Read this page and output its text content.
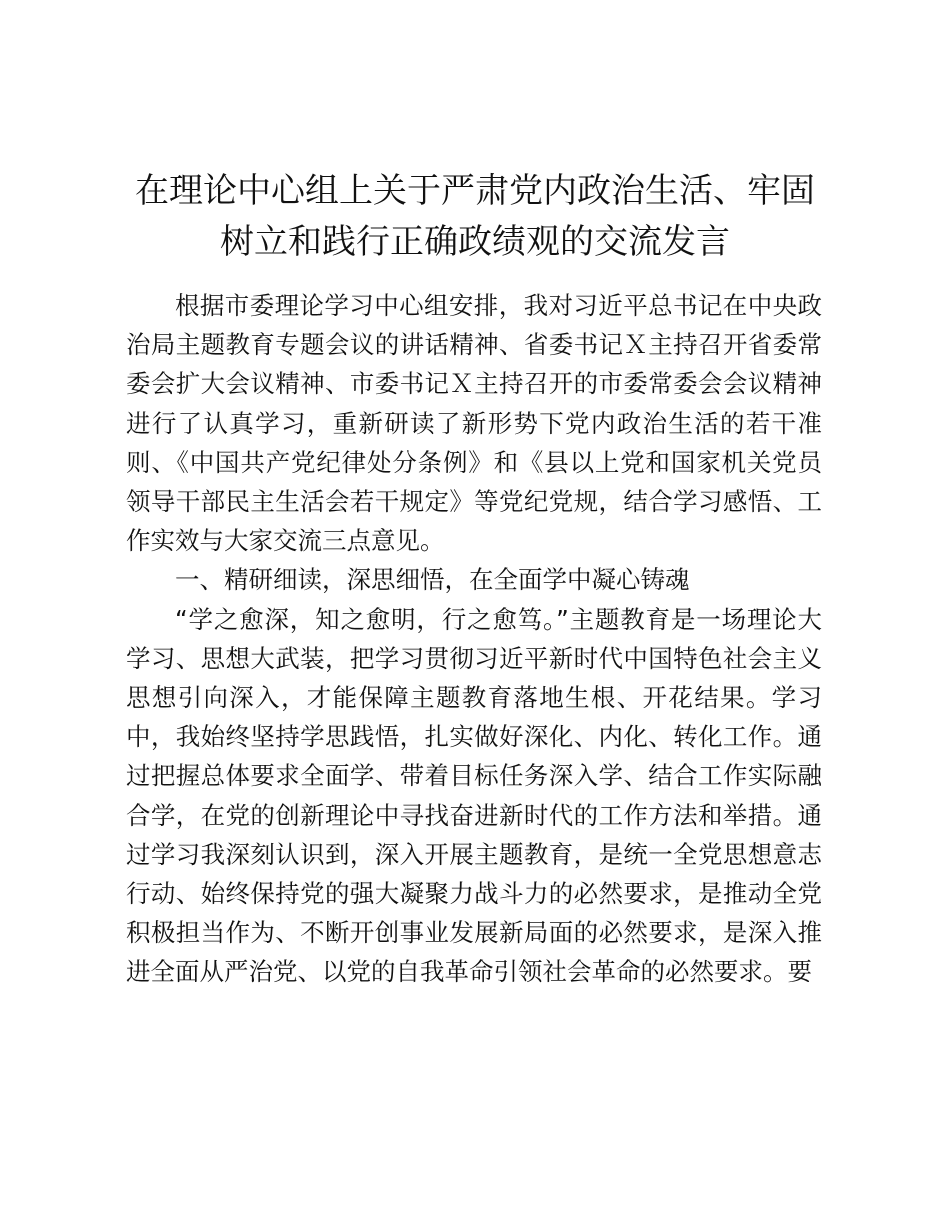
在理论中心组上关于严肃党内政治生活、牢固
树立和践行正确政绩观的交流发言

根据市委理论学习中心组安排，我对习近平总书记在中央政治局主题教育专题会议的讲话精神、省委书记Ｘ主持召开省委常委会扩大会议精神、市委书记Ｘ主持召开的市委常委会会议精神进行了认真学习，重新研读了新形势下党内政治生活的若干准则、《中国共产党纪律处分条例》和《县以上党和国家机关党员领导干部民主生活会若干规定》等党纪党规，结合学习感悟、工作实效与大家交流三点意见。

一、精研细读，深思细悟，在全面学中凝心铸魂

“学之愈深，知之愈明，行之愈笃。”主题教育是一场理论大学习、思想大武装，把学习贯彻习近平新时代中国特色社会主义思想引向深入，才能保障主题教育落地生根、开花结果。学习中，我始终坚持学思践悟，扎实做好深化、内化、转化工作。通过把握总体要求全面学、带着目标任务深入学、结合工作实际融合学，在党的创新理论中寻找奋进新时代的工作方法和举措。通过学习我深刻认识到，深入开展主题教育，是统一全党思想意志行动、始终保持党的强大凝聚力战斗力的必然要求，是推动全党积极担当作为、不断开创事业发展新局面的必然要求，是深入推进全面从严治党、以党的自我革命引领社会革命的必然要求。要
